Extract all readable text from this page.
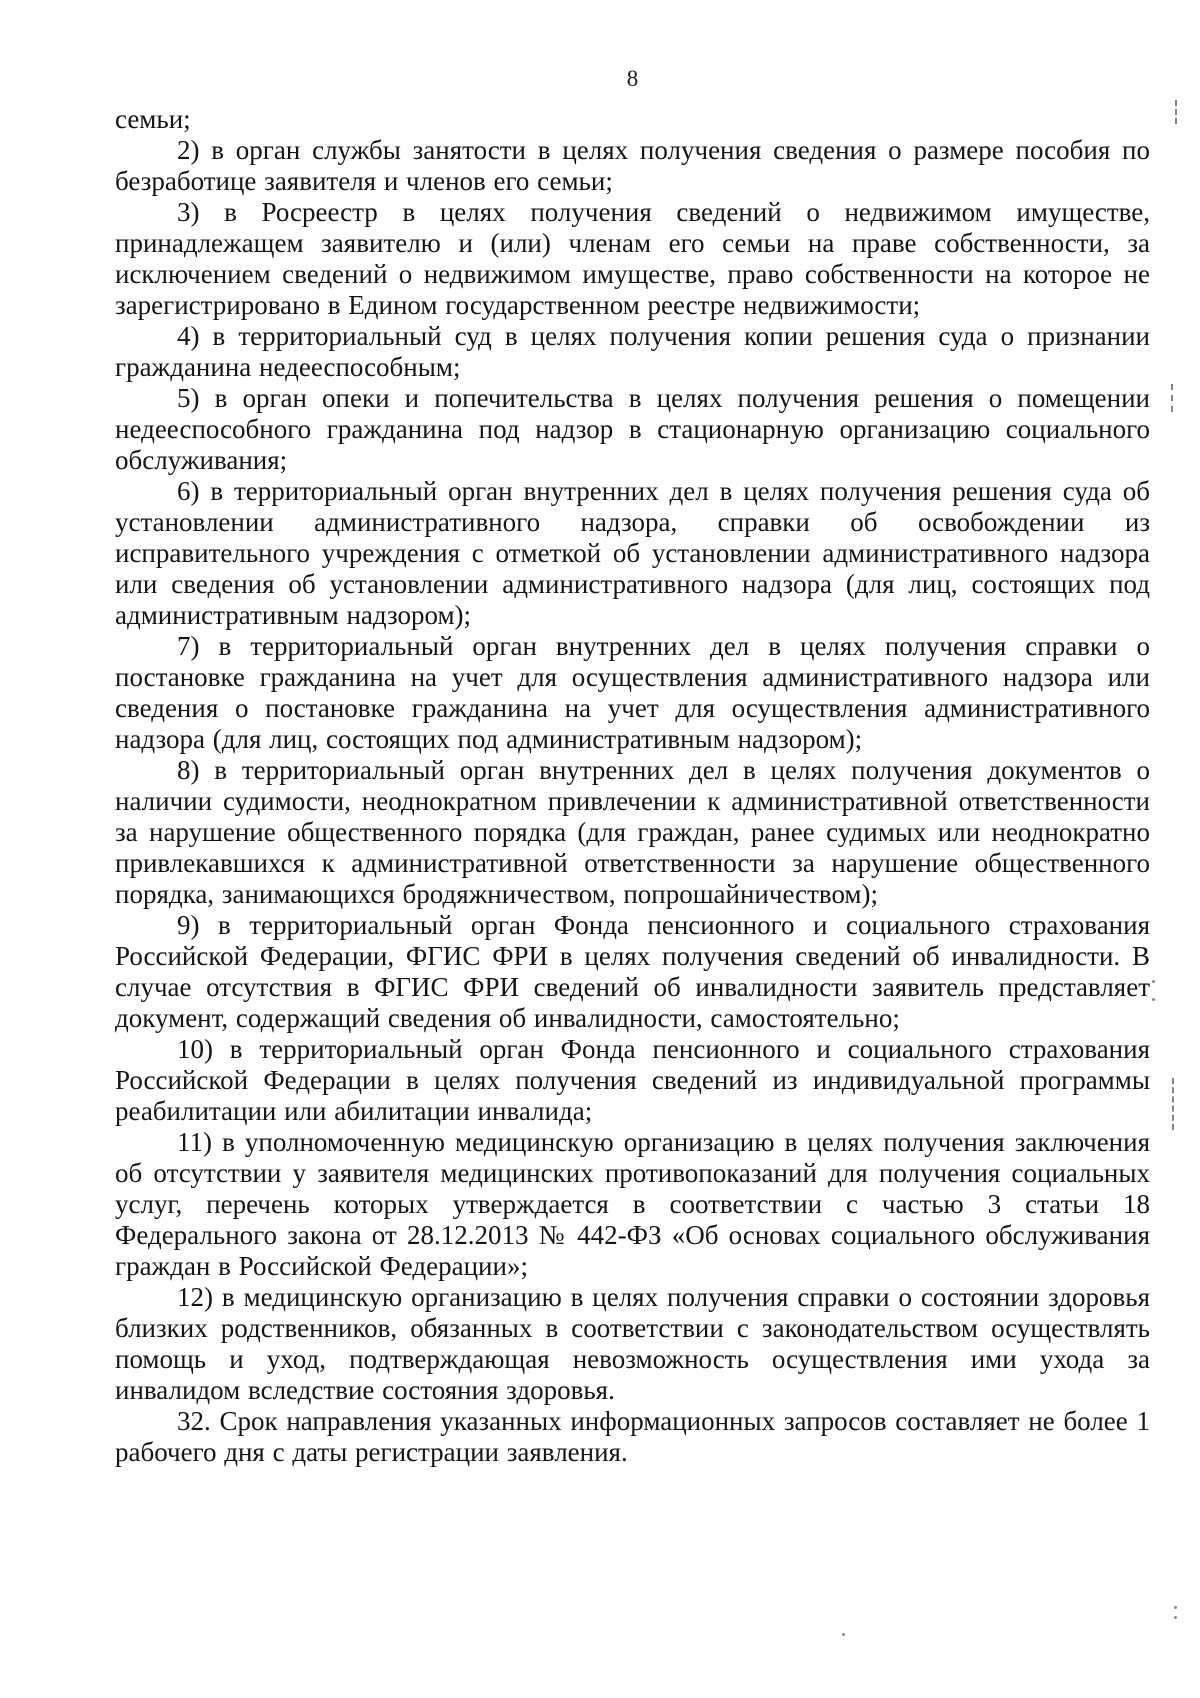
8

семьи;

2) в орган службы занятости в целях получения сведения о размере пособия по безработице заявителя и членов его семьи;

3) в Росреестр в целях получения сведений о недвижимом имуществе, принадлежащем заявителю и (или) членам его семьи на праве собственности, за исключением сведений о недвижимом имуществе, право собственности на которое не зарегистрировано в Едином государственном реестре недвижимости;

4) в территориальный суд в целях получения копии решения суда о признании гражданина недееспособным;

5) в орган опеки и попечительства в целях получения решения о помещении недееспособного гражданина под надзор в стационарную организацию социального обслуживания;

6) в территориальный орган внутренних дел в целях получения решения суда об установлении административного надзора, справки об освобождении из исправительного учреждения с отметкой об установлении административного надзора или сведения об установлении административного надзора (для лиц, состоящих под административным надзором);

7) в территориальный орган внутренних дел в целях получения справки о постановке гражданина на учет для осуществления административного надзора или сведения о постановке гражданина на учет для осуществления административного надзора (для лиц, состоящих под административным надзором);

8) в территориальный орган внутренних дел в целях получения документов о наличии судимости, неоднократном привлечении к административной ответственности за нарушение общественного порядка (для граждан, ранее судимых или неоднократно привлекавшихся к административной ответственности за нарушение общественного порядка, занимающихся бродяжничеством, попрошайничеством);

9) в территориальный орган Фонда пенсионного и социального страхования Российской Федерации, ФГИС ФРИ в целях получения сведений об инвалидности. В случае отсутствия в ФГИС ФРИ сведений об инвалидности заявитель представляет документ, содержащий сведения об инвалидности, самостоятельно;

10) в территориальный орган Фонда пенсионного и социального страхования Российской Федерации в целях получения сведений из индивидуальной программы реабилитации или абилитации инвалида;

11) в уполномоченную медицинскую организацию в целях получения заключения об отсутствии у заявителя медицинских противопоказаний для получения социальных услуг, перечень которых утверждается в соответствии с частью 3 статьи 18 Федерального закона от 28.12.2013 № 442-ФЗ «Об основах социального обслуживания граждан в Российской Федерации»;

12) в медицинскую организацию в целях получения справки о состоянии здоровья близких родственников, обязанных в соответствии с законодательством осуществлять помощь и уход, подтверждающая невозможность осуществления ими ухода за инвалидом вследствие состояния здоровья.

32. Срок направления указанных информационных запросов составляет не более 1 рабочего дня с даты регистрации заявления.
